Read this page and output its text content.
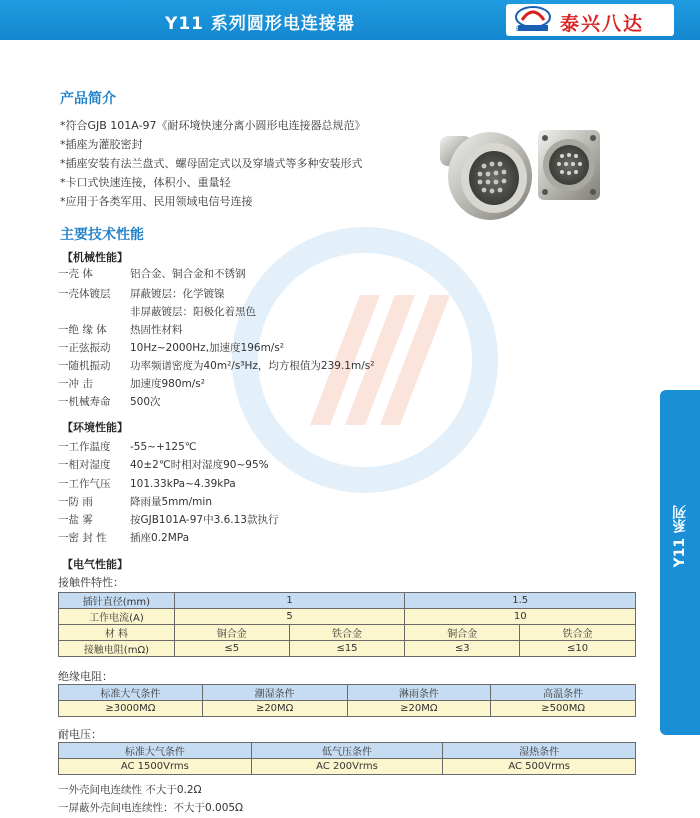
Y11 系列圆形电连接器	B D 泰兴八达
Y11 系列
产品简介
*符合GJB 101A-97《耐环境快速分离小圆形电连接器总规范》
*插座为灌胶密封
*插座安装有法兰盘式、螺母固定式以及穿墙式等多种安装形式
*卡口式快速连接，体积小、重量轻
*应用于各类军用、民用领域电信号连接
主要技术性能
【机械性能】
一壳 体	铝合金、铜合金和不锈钢
一壳体镀层	屏蔽镀层：化学镀镍
非屏蔽镀层：阳极化着黑色
一绝 缘 体	热固性材料
一正弦振动	10Hz~2000Hz,加速度196m/s²
一随机振动	功率频谱密度为40m²/s³Hz，均方根值为239.1m/s²
一冲 击	加速度980m/s²
一机械寿命	500次
【环境性能】
一工作温度	-55~+125℃
一相对湿度	40±2℃时相对湿度90~95%
一工作气压	101.33kPa~4.39kPa
一防 雨	降雨量5mm/min
一盐 雾	按GJB101A-97中3.6.13款执行
一密 封 性	插座0.2MPa
【电气性能】
接触件特性：
插针直径(mm)	1		1.5	
工作电流(A)	5		10	
材 料	铜合金	铁合金	铜合金	铁合金
接触电阻(mΩ)	≤5	≤15	≤3	≤10
绝缘电阻：
标准大气条件	潮湿条件	淋雨条件	高温条件
≥3000MΩ	≥20MΩ	≥20MΩ	≥500MΩ
耐电压：
标准大气条件	低气压条件	湿热条件
AC 1500Vrms	AC 200Vrms	AC 500Vrms
一外壳间电连续性 不大于0.2Ω
一屏蔽外壳间电连续性：不大于0.005Ω
